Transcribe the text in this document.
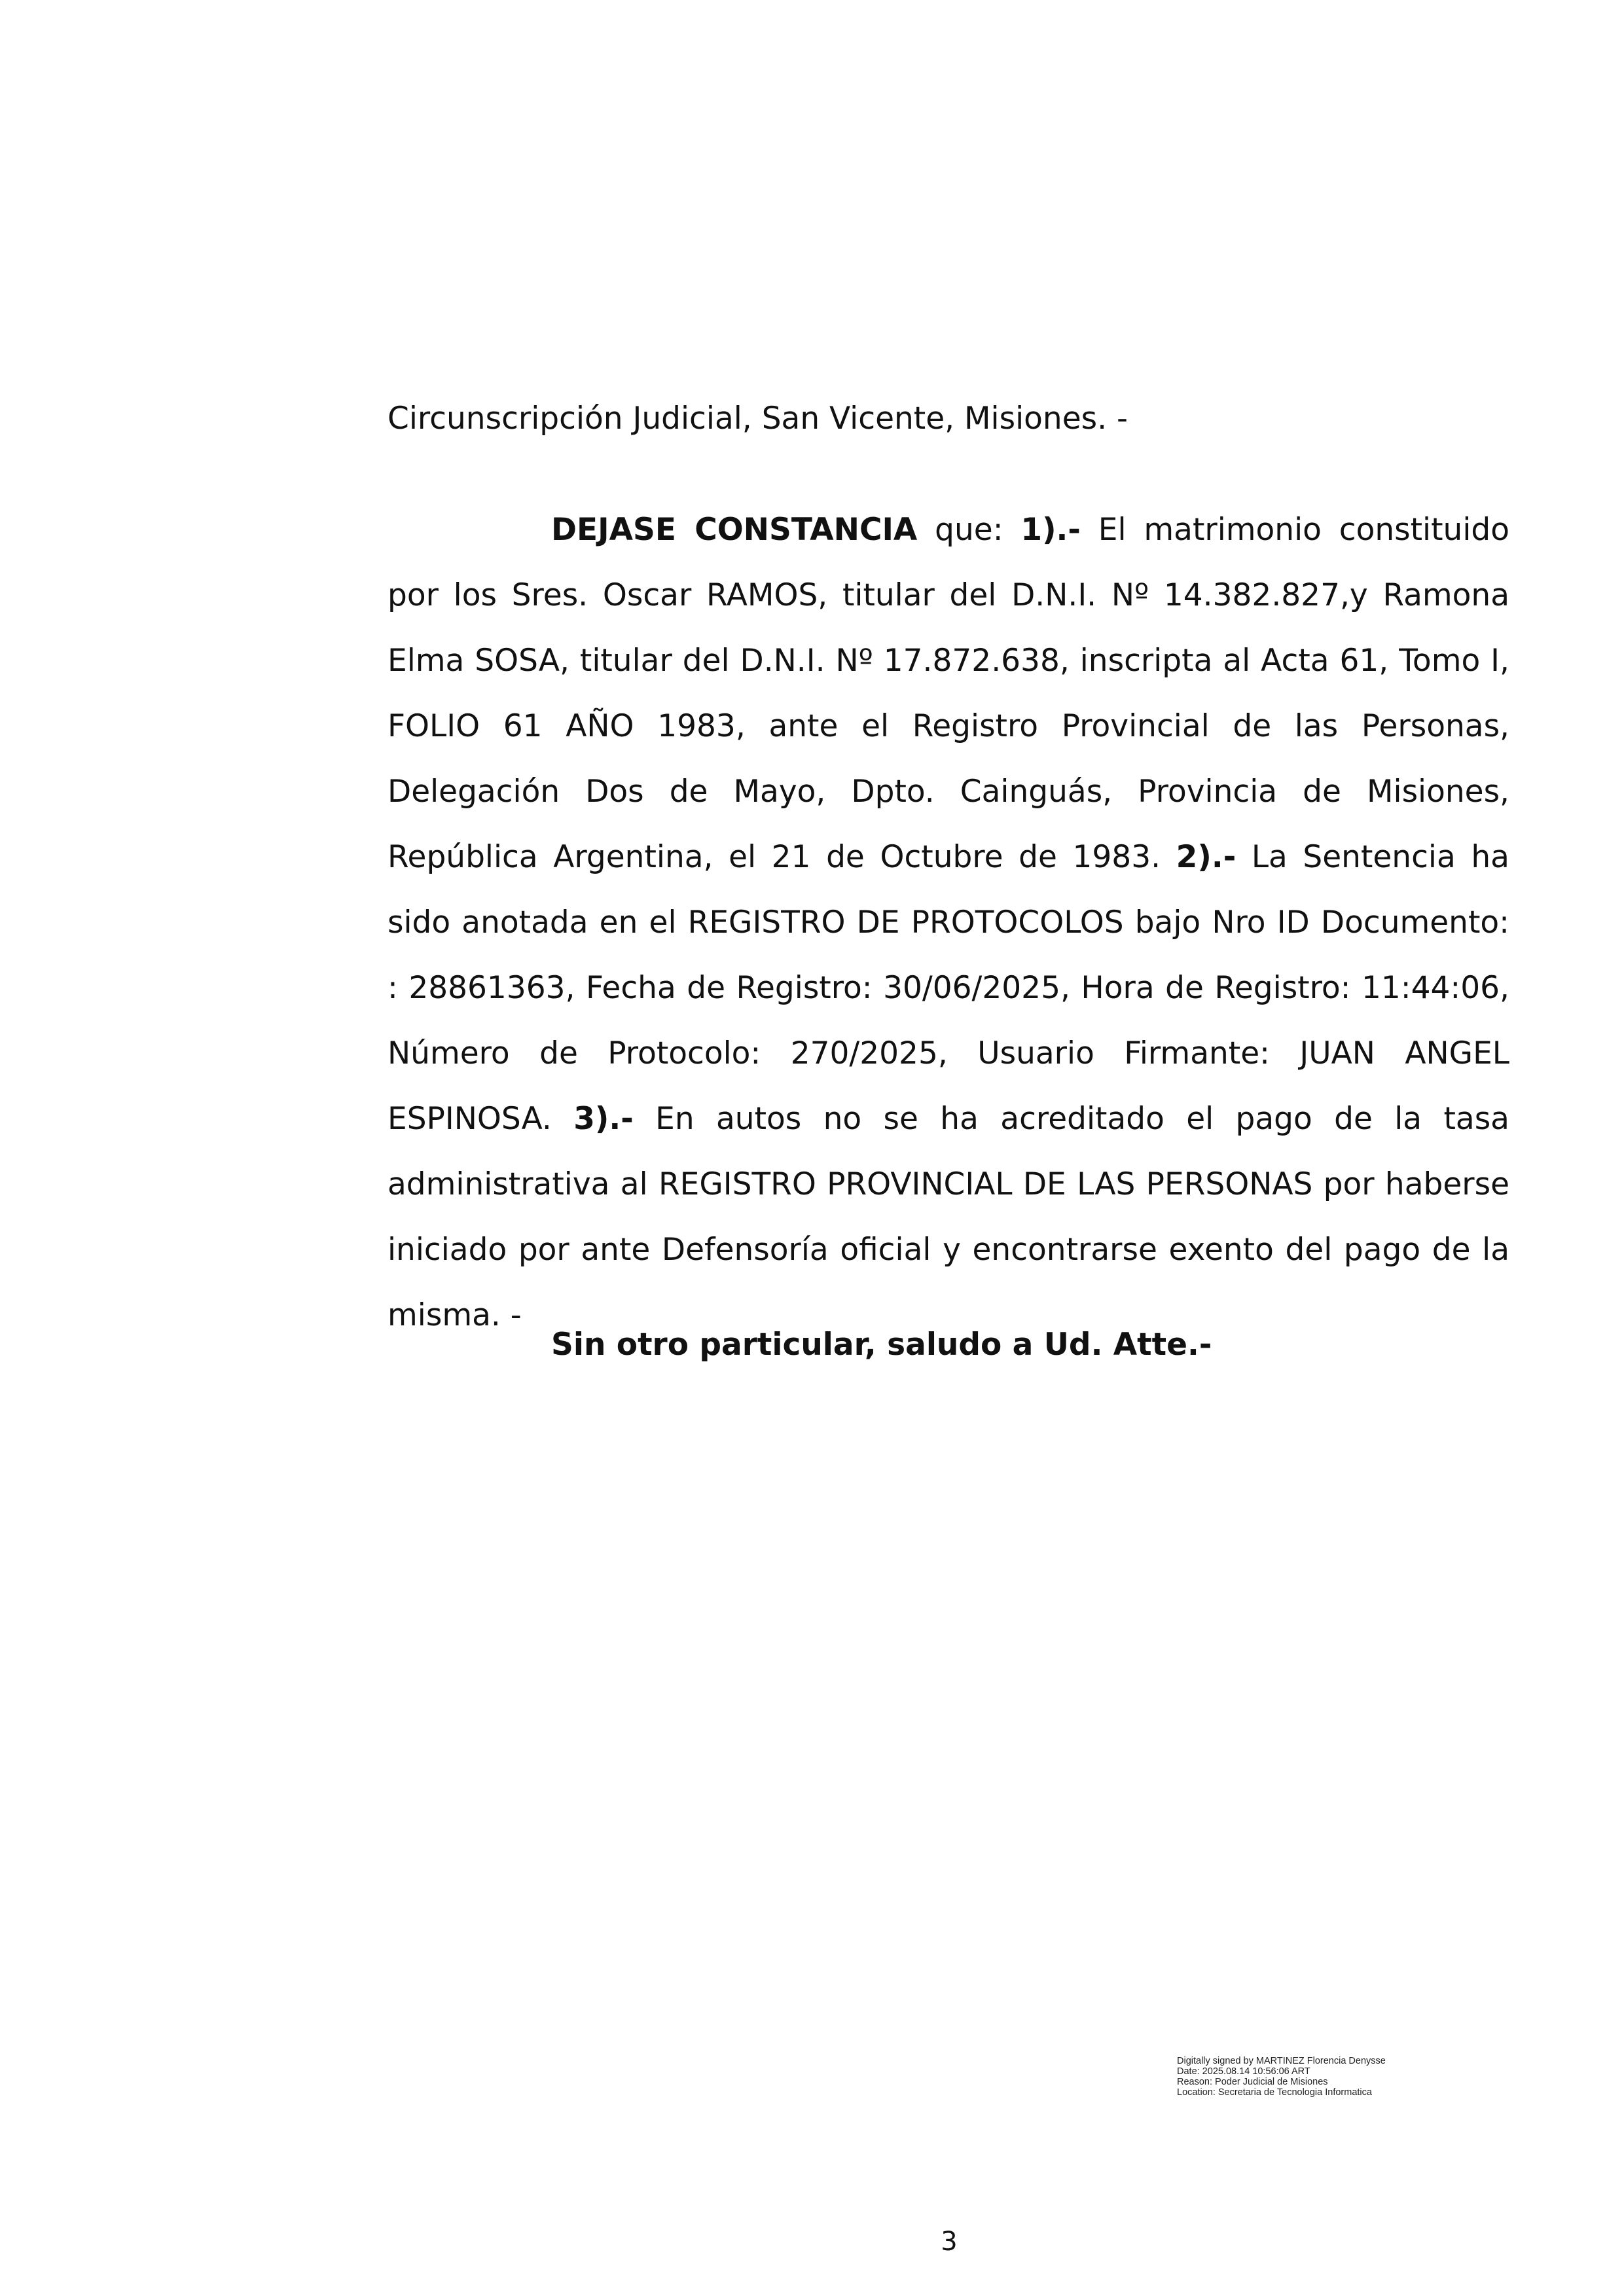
Circunscripción Judicial, San Vicente, Misiones. -
DEJASE CONSTANCIA que: 1).- El matrimonio constituido por los Sres. Oscar RAMOS, titular del D.N.I. Nº 14.382.827,y Ramona Elma SOSA, titular del D.N.I. Nº 17.872.638, inscripta al Acta 61, Tomo I, FOLIO 61 AÑO 1983, ante el Registro Provincial de las Personas, Delegación Dos de Mayo, Dpto. Cainguás, Provincia de Misiones, República Argentina, el 21 de Octubre de 1983. 2).- La Sentencia ha sido anotada en el REGISTRO DE PROTOCOLOS bajo Nro ID Documento: : 28861363, Fecha de Registro: 30/06/2025, Hora de Registro: 11:44:06, Número de Protocolo: 270/2025, Usuario Firmante: JUAN ANGEL ESPINOSA. 3).- En autos no se ha acreditado el pago de la tasa administrativa al REGISTRO PROVINCIAL DE LAS PERSONAS por haberse iniciado por ante Defensoría oficial y encontrarse exento del pago de la misma. -
Sin otro particular, saludo a Ud. Atte.-
Digitally signed by MARTINEZ Florencia Denysse
Date: 2025.08.14 10:56:06 ART
Reason: Poder Judicial de Misiones
Location: Secretaria de Tecnologia Informatica
3
